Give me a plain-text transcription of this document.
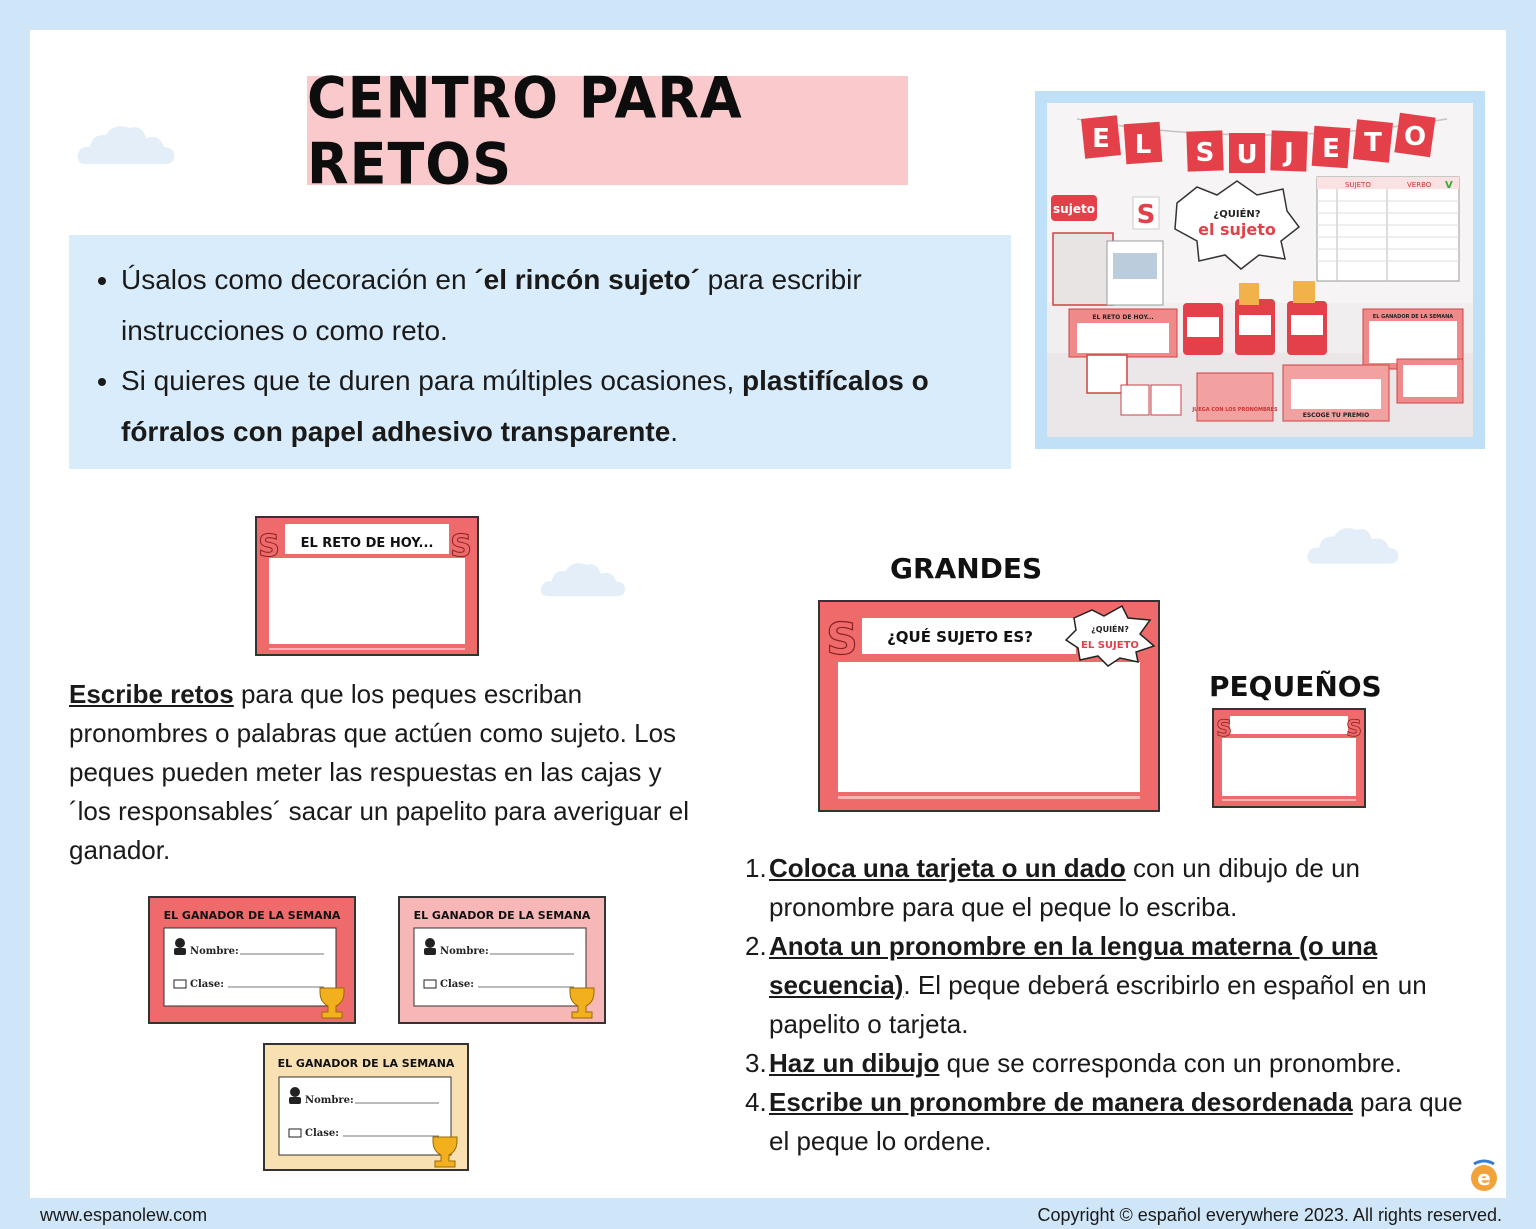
CENTRO PARA RETOS
• Úsalos como decoración en ´el rincón sujeto´ para escribir instrucciones o como reto.
• Si quieres que te duren para múltiples ocasiones, plastifícalos o fórralos con papel adhesivo transparente.
E L S U J E T O
sujeto S	¿QUIÉN?
el sujeto
SUJETO	VERBO V
EL RETO DE HOY...	EL GANADOR DE LA SEMANA
JUEGA CON LOS PRONOMBRES
ESCOGE TU PREMIO
EL RETO DE HOY...
S	S
Escribe retos para que los peques escriban pronombres o palabras que actúen como sujeto. Los peques pueden meter las respuestas en las cajas y ´los responsables´ sacar un papelito para averiguar el ganador.
EL GANADOR DE LA SEMANA
Nombre:
Clase:
EL GANADOR DE LA SEMANA
Nombre:
Clase:
EL GANADOR DE LA SEMANA
Nombre:
Clase:
GRANDES
¿QUÉ SUJETO ES?
S	¿QUIÉN?
EL SUJETO
PEQUEÑOS
S	S
1. Coloca una tarjeta o un dado con un dibujo de un pronombre para que el peque lo escriba.
2. Anota un pronombre en la lengua materna (o una secuencia). El peque deberá escribirlo en español en un papelito o tarjeta.
3. Haz un dibujo que se corresponda con un pronombre.
4. Escribe un pronombre de manera desordenada para que el peque lo ordene.
e
www.espanolew.com	Copyright © español everywhere 2023. All rights reserved.
